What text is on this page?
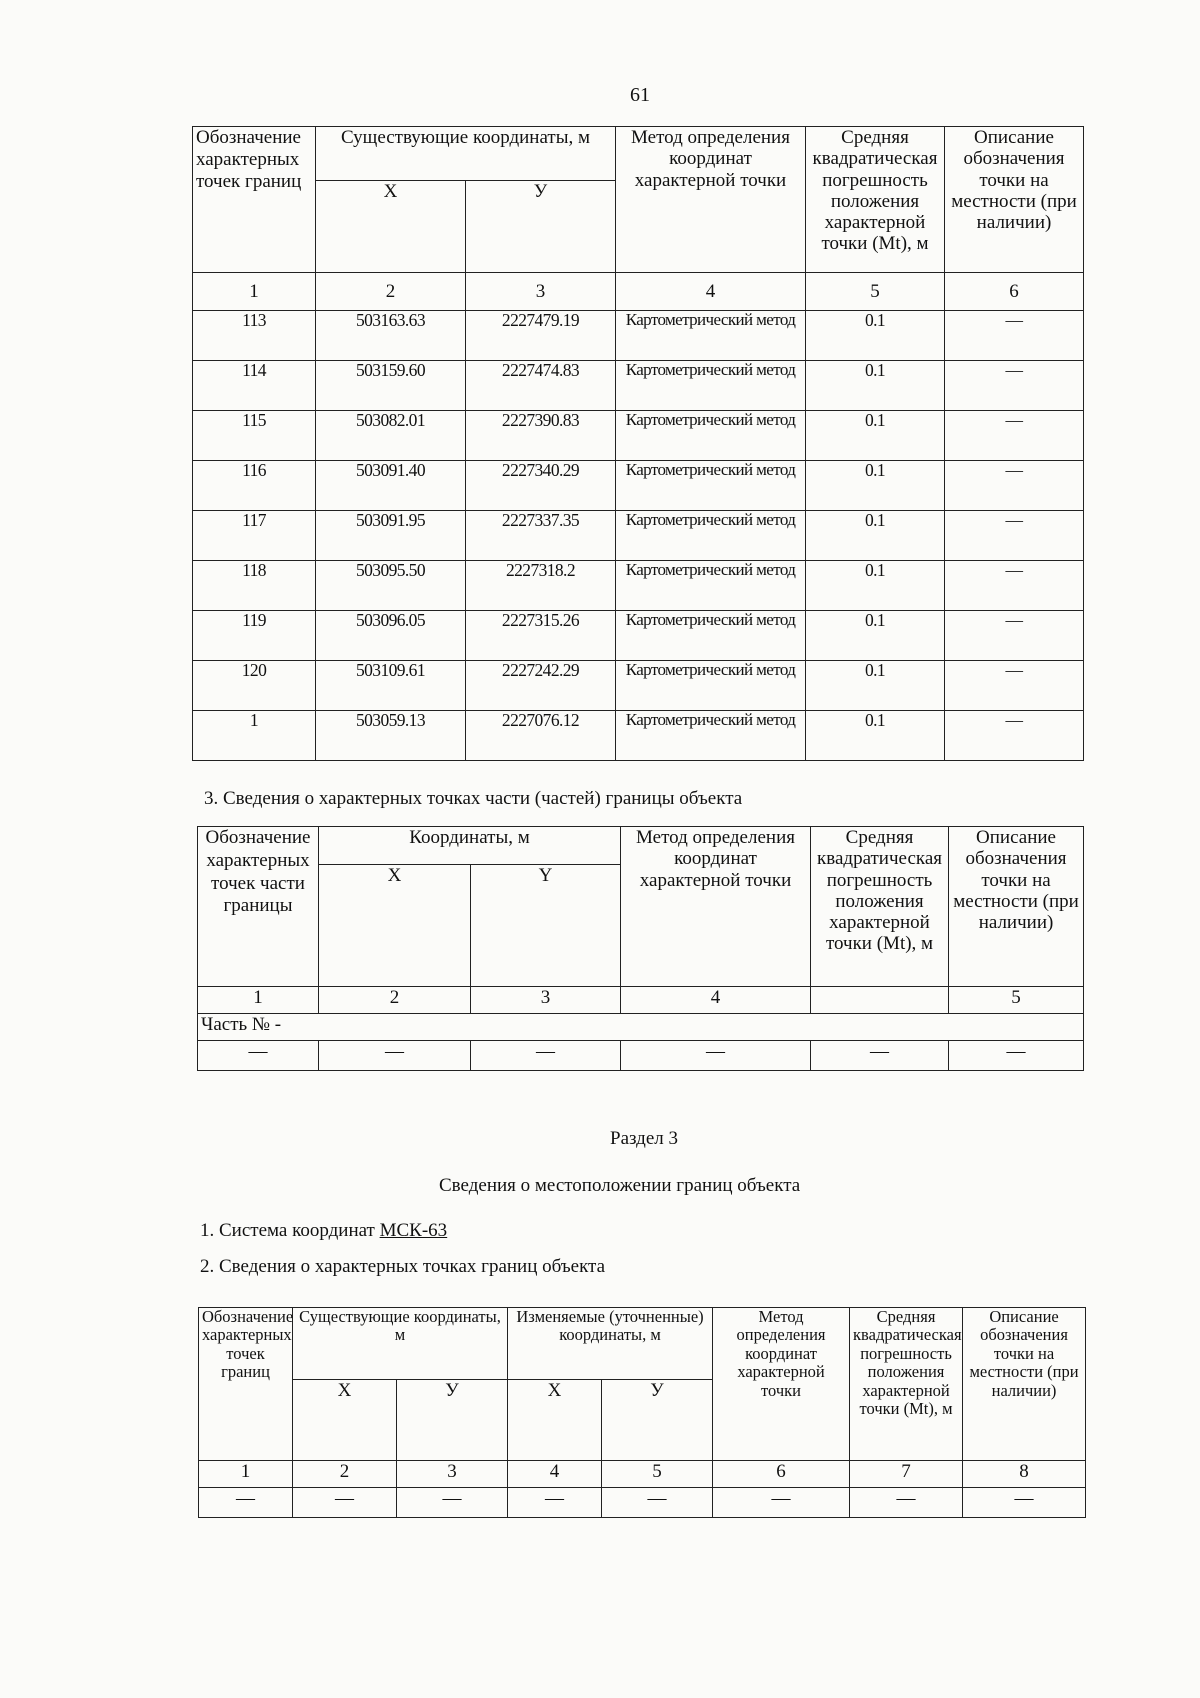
61
Обозначение характерных точек границ	Существующие координаты, м		Метод определения координат характерной точки	Средняя квадратическая погрешность положения характерной точки (Mt), м	Описание обозначения точки на местности (при наличии)
	Х	У			
1	2	3	4	5	6
113	503163.63	2227479.19	Картометрический метод	0.1	—
114	503159.60	2227474.83	Картометрический метод	0.1	—
115	503082.01	2227390.83	Картометрический метод	0.1	—
116	503091.40	2227340.29	Картометрический метод	0.1	—
117	503091.95	2227337.35	Картометрический метод	0.1	—
118	503095.50	2227318.2	Картометрический метод	0.1	—
119	503096.05	2227315.26	Картометрический метод	0.1	—
120	503109.61	2227242.29	Картометрический метод	0.1	—
1	503059.13	2227076.12	Картометрический метод	0.1	—
3. Сведения о характерных точках части (частей) границы объекта
Обозначение характерных точек части границы	Координаты, м		Метод определения координат характерной точки	Средняя квадратическая погрешность положения характерной точки (Mt), м	Описание обозначения точки на местности (при наличии)
	X	Y			
1	2	3	4		5
Часть № -					
—	—	—	—	—	—
Раздел 3
Сведения о местоположении границ объекта
1. Система координат МСК-63
2. Сведения о характерных точках границ объекта
Обозначение характерных точек границ	Существующие координаты, м		Изменяемые (уточненные) координаты, м		Метод определения координат характерной точки	Средняя квадратическая погрешность положения характерной точки (Mt), м	Описание обозначения точки на местности (при наличии)
	Х	У	Х	У			
1	2	3	4	5	6	7	8
—	—	—	—	—	—	—	—
